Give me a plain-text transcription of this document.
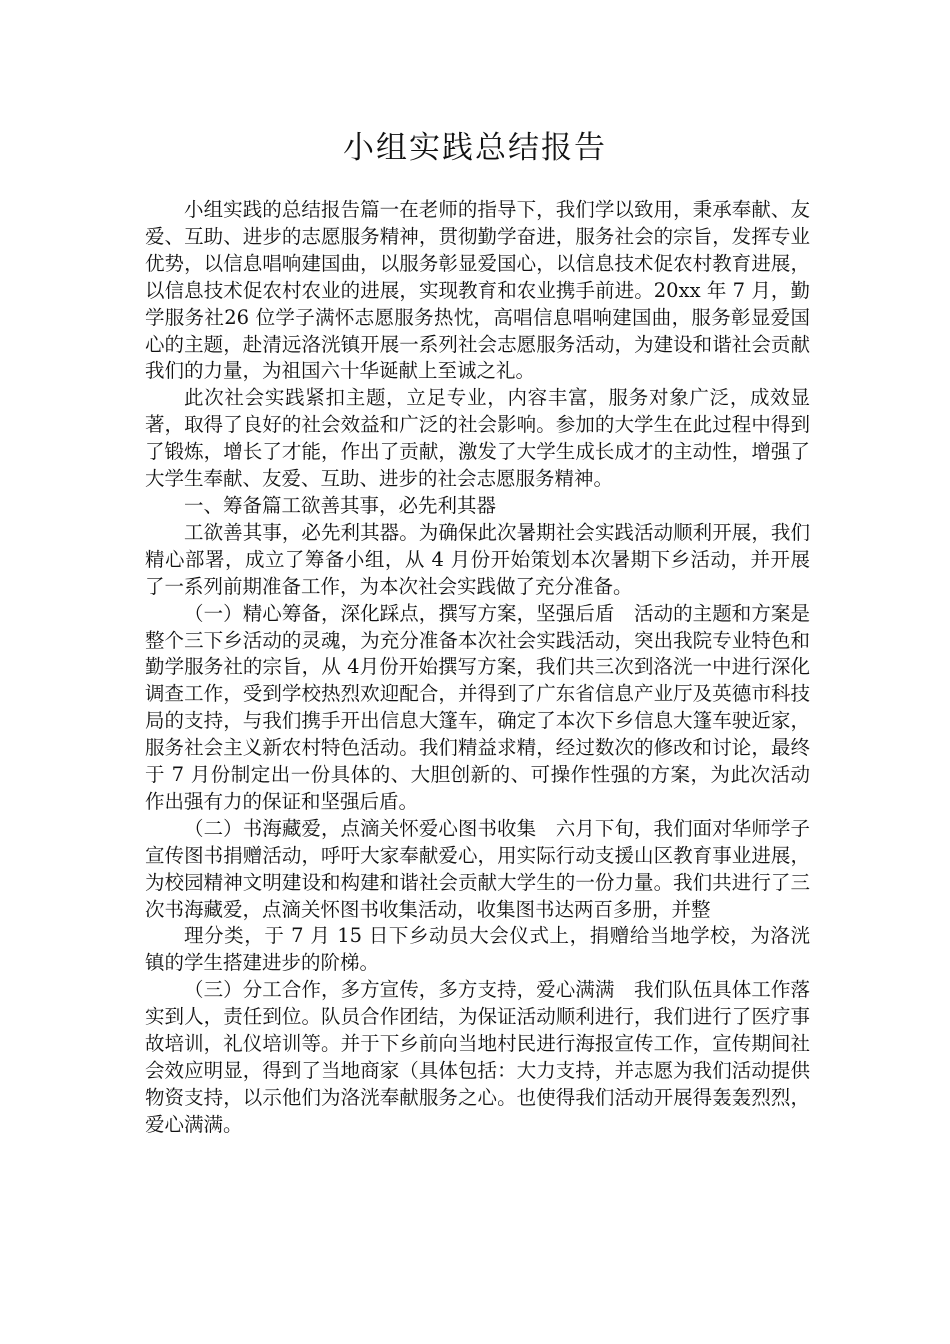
小组实践总结报告

小组实践的总结报告篇一在老师的指导下，我们学以致用，秉承奉献、友爱、互助、进步的志愿服务精神，贯彻勤学奋进，服务社会的宗旨，发挥专业优势，以信息唱响建国曲，以服务彰显爱国心，以信息技术促农村教育进展，以信息技术促农村农业的进展，实现教育和农业携手前进。20xx 年 7 月，勤学服务社26 位学子满怀志愿服务热忱，高唱信息唱响建国曲，服务彰显爱国心的主题，赴清远洛洸镇开展一系列社会志愿服务活动，为建设和谐社会贡献我们的力量，为祖国六十华诞献上至诚之礼。

此次社会实践紧扣主题，立足专业，内容丰富，服务对象广泛，成效显著，取得了良好的社会效益和广泛的社会影响。参加的大学生在此过程中得到了锻炼，增长了才能，作出了贡献，激发了大学生成长成才的主动性，增强了大学生奉献、友爱、互助、进步的社会志愿服务精神。

一、筹备篇工欲善其事，必先利其器

工欲善其事，必先利其器。为确保此次暑期社会实践活动顺利开展，我们精心部署，成立了筹备小组，从 4 月份开始策划本次暑期下乡活动，并开展了一系列前期准备工作，为本次社会实践做了充分准备。

（一）精心筹备，深化踩点，撰写方案，坚强后盾　活动的主题和方案是整个三下乡活动的灵魂，为充分准备本次社会实践活动，突出我院专业特色和勤学服务社的宗旨，从 4月份开始撰写方案，我们共三次到洛洸一中进行深化调查工作，受到学校热烈欢迎配合，并得到了广东省信息产业厅及英德市科技局的支持，与我们携手开出信息大篷车，确定了本次下乡信息大篷车驶近家，服务社会主义新农村特色活动。我们精益求精，经过数次的修改和讨论，最终于 7 月份制定出一份具体的、大胆创新的、可操作性强的方案，为此次活动作出强有力的保证和坚强后盾。

（二）书海藏爱，点滴关怀爱心图书收集　六月下旬，我们面对华师学子宣传图书捐赠活动，呼吁大家奉献爱心，用实际行动支援山区教育事业进展，为校园精神文明建设和构建和谐社会贡献大学生的一份力量。我们共进行了三次书海藏爱，点滴关怀图书收集活动，收集图书达两百多册，并整

理分类，于 7 月 15 日下乡动员大会仪式上，捐赠给当地学校，为洛洸镇的学生搭建进步的阶梯。

（三）分工合作，多方宣传，多方支持，爱心满满　我们队伍具体工作落实到人，责任到位。队员合作团结，为保证活动顺利进行，我们进行了医疗事故培训，礼仪培训等。并于下乡前向当地村民进行海报宣传工作，宣传期间社会效应明显，得到了当地商家（具体包括：大力支持，并志愿为我们活动提供物资支持，以示他们为洛洸奉献服务之心。也使得我们活动开展得轰轰烈烈，爱心满满。
